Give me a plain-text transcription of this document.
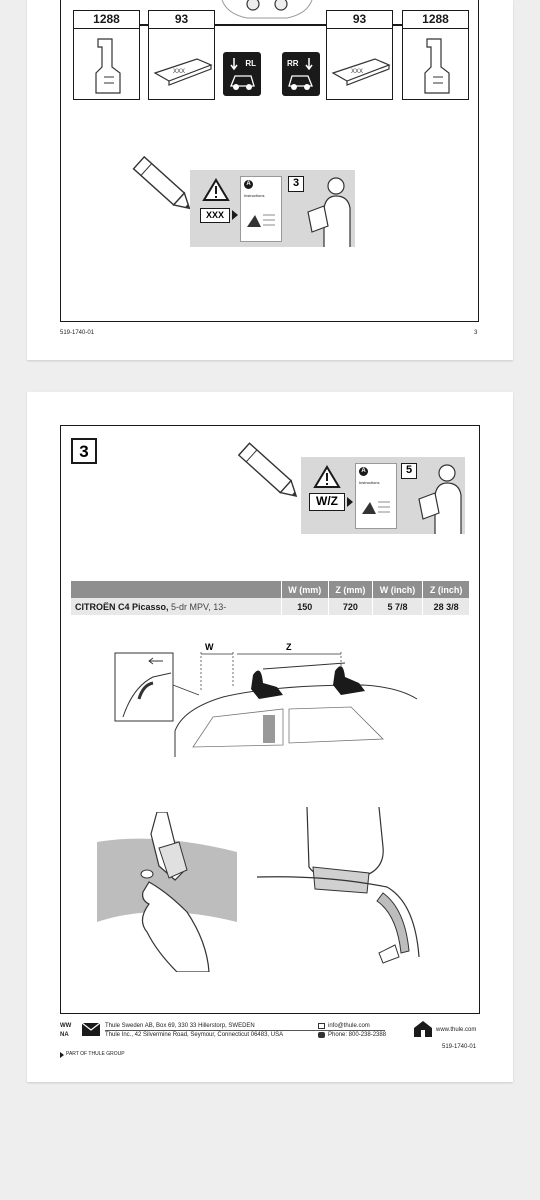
1288	93
XXX
RL	RR
93
XXX
1288
XXX
A
Instructions
3
519-1740-01	3
3
W/Z
A
Instructions
5
	W (mm)	Z (mm)	W (inch)	Z (inch)
CITROËN C4 Picasso, 5-dr MPV, 13-	150	720	5 7/8	28 3/8
W	Z
WW
NA
Thule Sweden AB, Box 69, 330 33 Hillerstorp, SWEDEN
Thule Inc., 42 Silvermine Road, Seymour, Connecticut 06483, USA
info@thule.com
Phone: 800-238-2388
www.thule.com
519-1740-01
PART OF THULE GROUP
